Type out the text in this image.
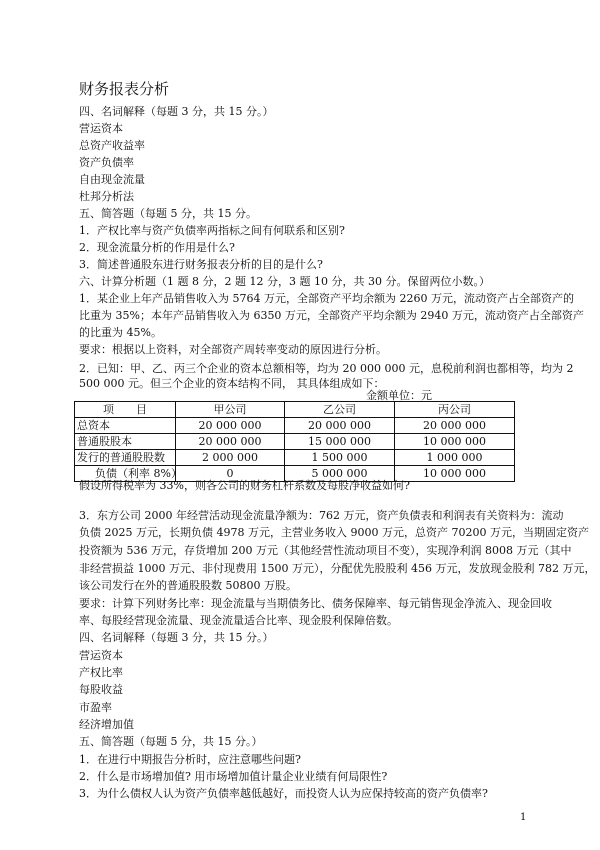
财务报表分析
四、名词解释（每题 3 分，共 15 分。）
营运资本
总资产收益率
资产负债率
自由现金流量
杜邦分析法
五、简答题（每题 5 分，共 15 分。
1．产权比率与资产负债率两指标之间有何联系和区别?
2．现金流量分析的作用是什么?
3．简述普通股东进行财务报表分析的目的是什么?
六、计算分析题（1 题 8 分，2 题 12 分，3 题 10 分，共 30 分。保留两位小数。）
1．某企业上年产品销售收入为 5764 万元，全部资产平均余额为 2260 万元，流动资产占全部资产的
比重为 35%；本年产品销售收入为 6350 万元，全部资产平均余额为 2940 万元，流动资产占全部资产
的比重为 45%。
要求：根据以上资料，对全部资产周转率变动的原因进行分析。
2．已知：甲、乙、丙三个企业的资本总额相等，均为 20 000 000 元，息税前利润也都相等，均为 2
500 000 元。但三个企业的资本结构不同， 其具体组成如下：
金额单位：元
项　　目	甲公司	乙公司	丙公司
总资本	20 000 000	20 000 000	20 000 000
普通股股本	20 000 000	15 000 000	10 000 000
发行的普通股股数	2 000 000	1 500 000	1 000 000
负债（利率 8%）	0	5 000 000	10 000 000
假设所得税率为 33%，则各公司的财务杠杆系数及每股净收益如何?
3．东方公司 2000 年经营活动现金流量净额为：762 万元，资产负债表和利润表有关资料为：流动
负债 2025 万元，长期负债 4978 万元，主营业务收入 9000 万元，总资产 70200 万元，当期固定资产
投资额为 536 万元，存货增加 200 万元（其他经营性流动项目不变），实现净利润 8008 万元（其中
非经营损益 1000 万元、非付现费用 1500 万元），分配优先股股利 456 万元，发放现金股利 782 万元，
该公司发行在外的普通股股数 50800 万股。
要求：计算下列财务比率：现金流量与当期债务比、债务保障率、每元销售现金净流入、现金回收
率、每股经营现金流量、现金流量适合比率、现金股利保障倍数。
四、名词解释（每题 3 分，共 15 分。）
营运资本
产权比率
每股收益
市盈率
经济增加值
五、简答题（每题 5 分，共 15 分。）
1．在进行中期报告分析时，应注意哪些问题?
2．什么是市场增加值? 用市场增加值计量企业业绩有何局限性?
3．为什么债权人认为资产负债率越低越好，而投资人认为应保持较高的资产负债率?
1
